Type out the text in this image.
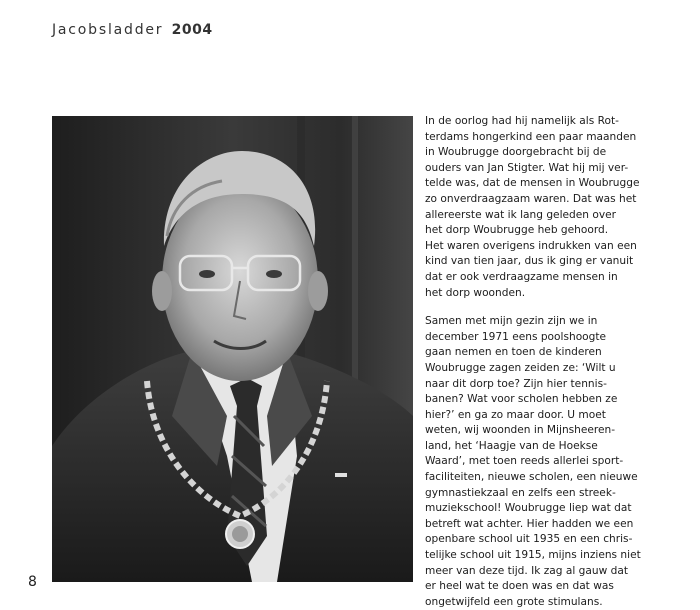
Jacobsladder 2004
In de oorlog had hij namelijk als Rot-
terdams hongerkind een paar maanden
in Woubrugge doorgebracht bij de
ouders van Jan Stigter. Wat hij mij ver-
telde was, dat de mensen in Woubrugge
zo onverdraagzaam waren. Dat was het
allereerste wat ik lang geleden over
het dorp Woubrugge heb gehoord.
Het waren overigens indrukken van een
kind van tien jaar, dus ik ging er vanuit
dat er ook verdraagzame mensen in
het dorp woonden.
Samen met mijn gezin zijn we in
december 1971 eens poolshoogte
gaan nemen en toen de kinderen
Woubrugge zagen zeiden ze: ‘Wilt u
naar dit dorp toe? Zijn hier tennis-
banen? Wat voor scholen hebben ze
hier?’ en ga zo maar door. U moet
weten, wij woonden in Mijnsheeren-
land, het ‘Haagje van de Hoekse
Waard’, met toen reeds allerlei sport-
faciliteiten, nieuwe scholen, een nieuwe
gymnastiekzaal en zelfs een streek-
muziekschool! Woubrugge liep wat dat
betreft wat achter. Hier hadden we een
openbare school uit 1935 en een chris-
telijke school uit 1915, mijns inziens niet
meer van deze tijd. Ik zag al gauw dat
er heel wat te doen was en dat was
ongetwijfeld een grote stimulans.
8
